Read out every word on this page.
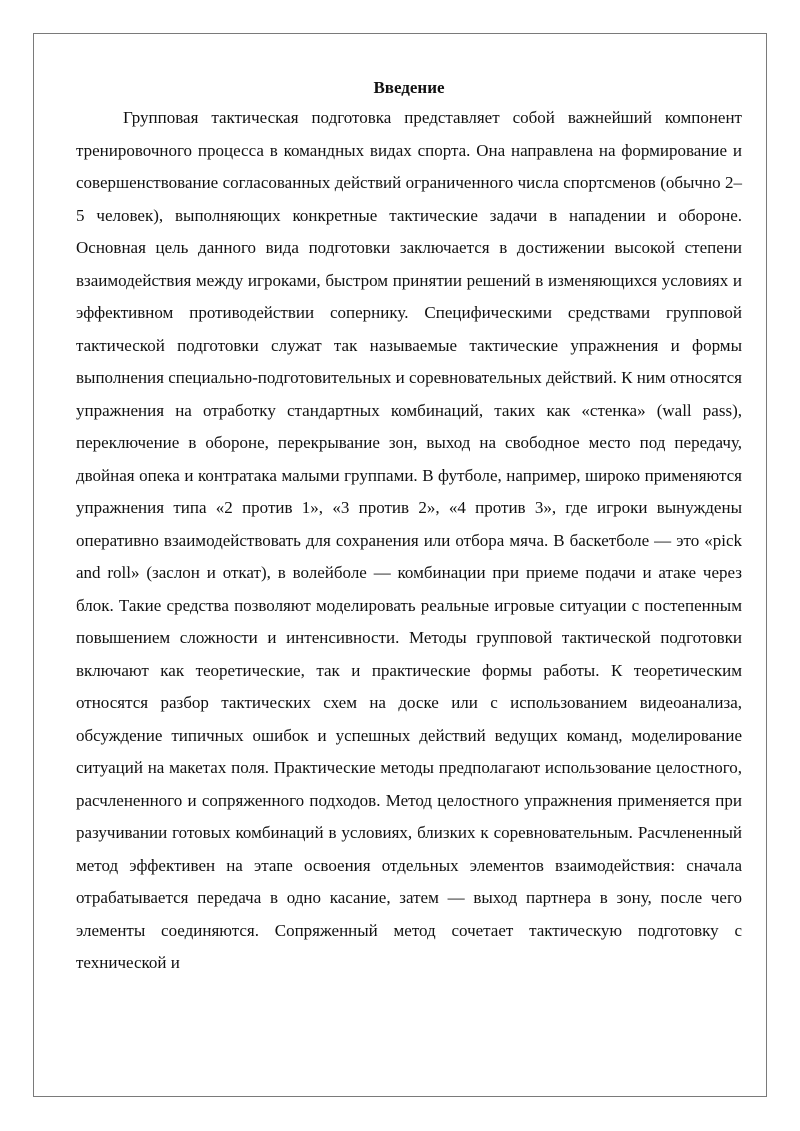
Введение

Групповая тактическая подготовка представляет собой важнейший компонент тренировочного процесса в командных видах спорта. Она направлена на формирование и совершенствование согласованных действий ограниченного числа спортсменов (обычно 2–5 человек), выполняющих конкретные тактические задачи в нападении и обороне. Основная цель данного вида подготовки заключается в достижении высокой степени взаимодействия между игроками, быстром принятии решений в изменяющихся условиях и эффективном противодействии сопернику. Специфическими средствами групповой тактической подготовки служат так называемые тактические упражнения и формы выполнения специально-подготовительных и соревновательных действий. К ним относятся упражнения на отработку стандартных комбинаций, таких как «стенка» (wall pass), переключение в обороне, перекрывание зон, выход на свободное место под передачу, двойная опека и контратака малыми группами. В футболе, например, широко применяются упражнения типа «2 против 1», «3 против 2», «4 против 3», где игроки вынуждены оперативно взаимодействовать для сохранения или отбора мяча. В баскетболе — это «pick and roll» (заслон и откат), в волейболе — комбинации при приеме подачи и атаке через блок. Такие средства позволяют моделировать реальные игровые ситуации с постепенным повышением сложности и интенсивности. Методы групповой тактической подготовки включают как теоретические, так и практические формы работы. К теоретическим относятся разбор тактических схем на доске или с использованием видеоанализа, обсуждение типичных ошибок и успешных действий ведущих команд, моделирование ситуаций на макетах поля. Практические методы предполагают использование целостного, расчлененного и сопряженного подходов. Метод целостного упражнения применяется при разучивании готовых комбинаций в условиях, близких к соревновательным. Расчлененный метод эффективен на этапе освоения отдельных элементов взаимодействия: сначала отрабатывается передача в одно касание, затем — выход партнера в зону, после чего элементы соединяются. Сопряженный метод сочетает тактическую подготовку с технической и
